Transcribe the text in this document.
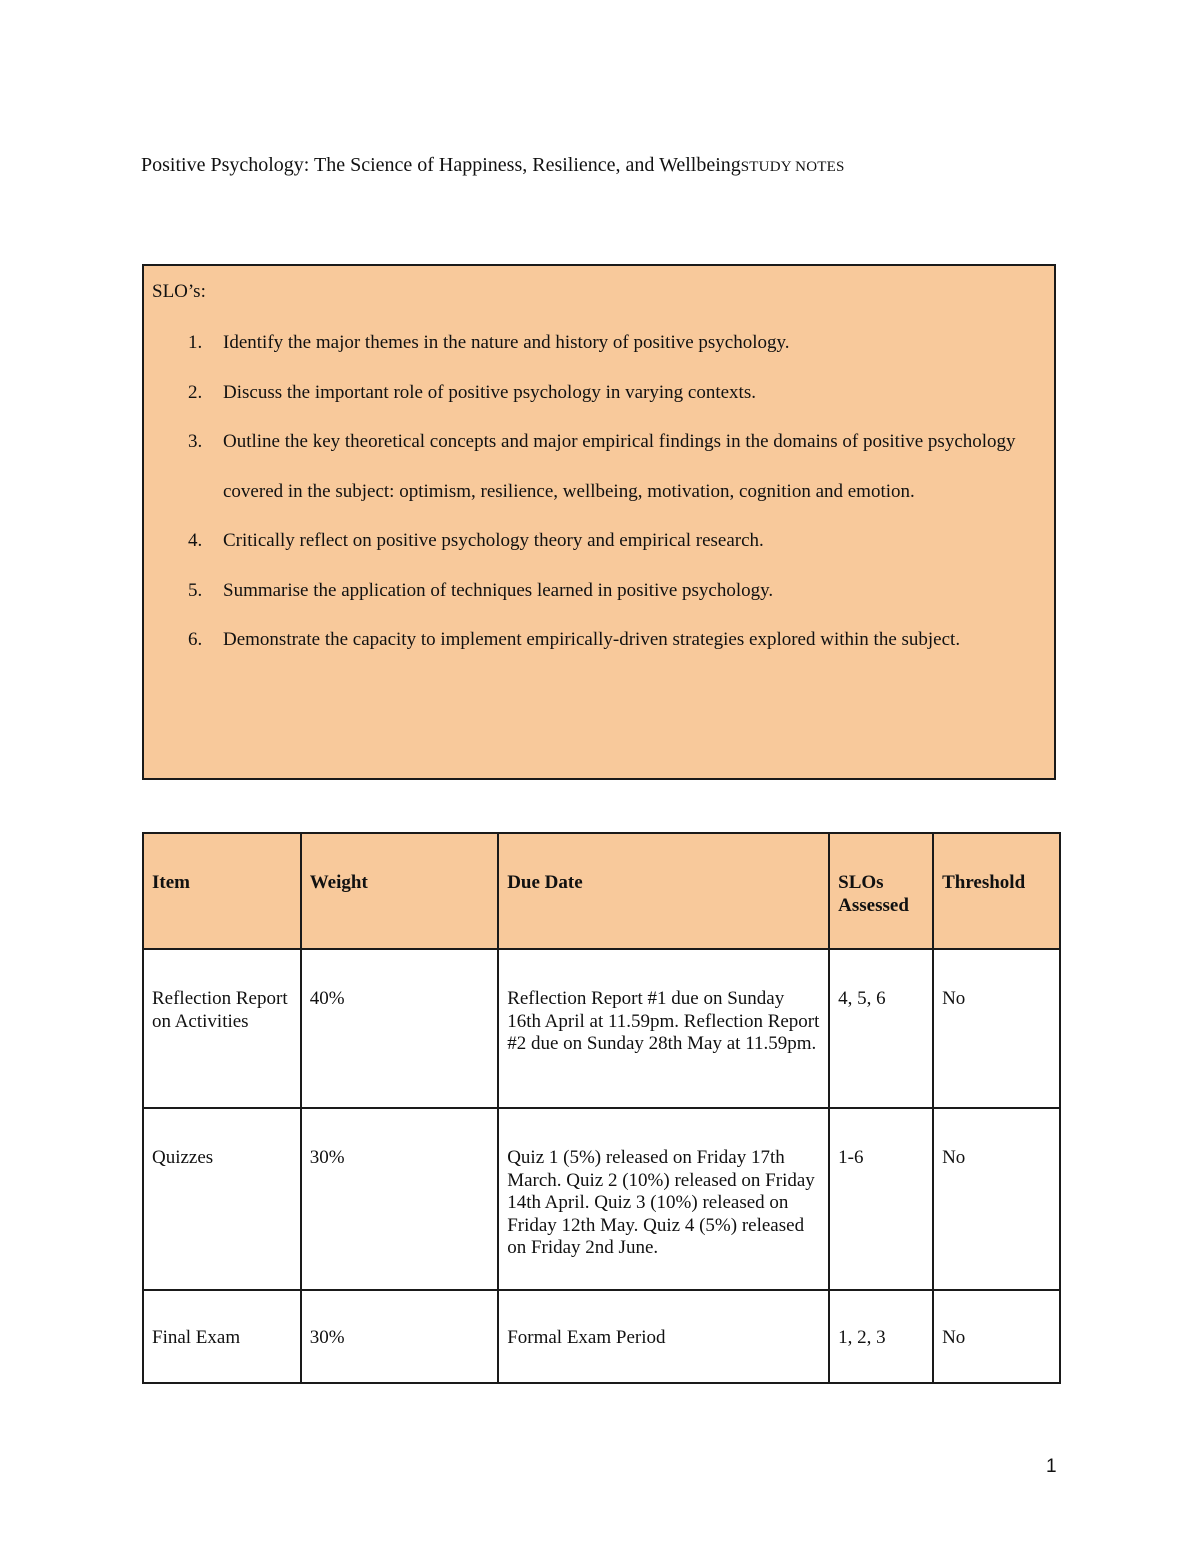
Positive Psychology: The Science of Happiness, Resilience, and WellbeingSTUDY NOTES
SLO’s:
1. Identify the major themes in the nature and history of positive psychology.
2. Discuss the important role of positive psychology in varying contexts.
3. Outline the key theoretical concepts and major empirical findings in the domains of positive psychology covered in the subject: optimism, resilience, wellbeing, motivation, cognition and emotion.
4. Critically reflect on positive psychology theory and empirical research.
5. Summarise the application of techniques learned in positive psychology.
6. Demonstrate the capacity to implement empirically-driven strategies explored within the subject.
Item	Weight	Due Date	SLOs Assessed	Threshold
Reflection Report on Activities	40%	Reflection Report #1 due on Sunday 16th April at 11.59pm. Reflection Report #2 due on Sunday 28th May at 11.59pm.	4, 5, 6	No
Quizzes	30%	Quiz 1 (5%) released on Friday 17th March. Quiz 2 (10%) released on Friday 14th April. Quiz 3 (10%) released on Friday 12th May. Quiz 4 (5%) released on Friday 2nd June.	1-6	No
Final Exam	30%	Formal Exam Period	1, 2, 3	No
1
